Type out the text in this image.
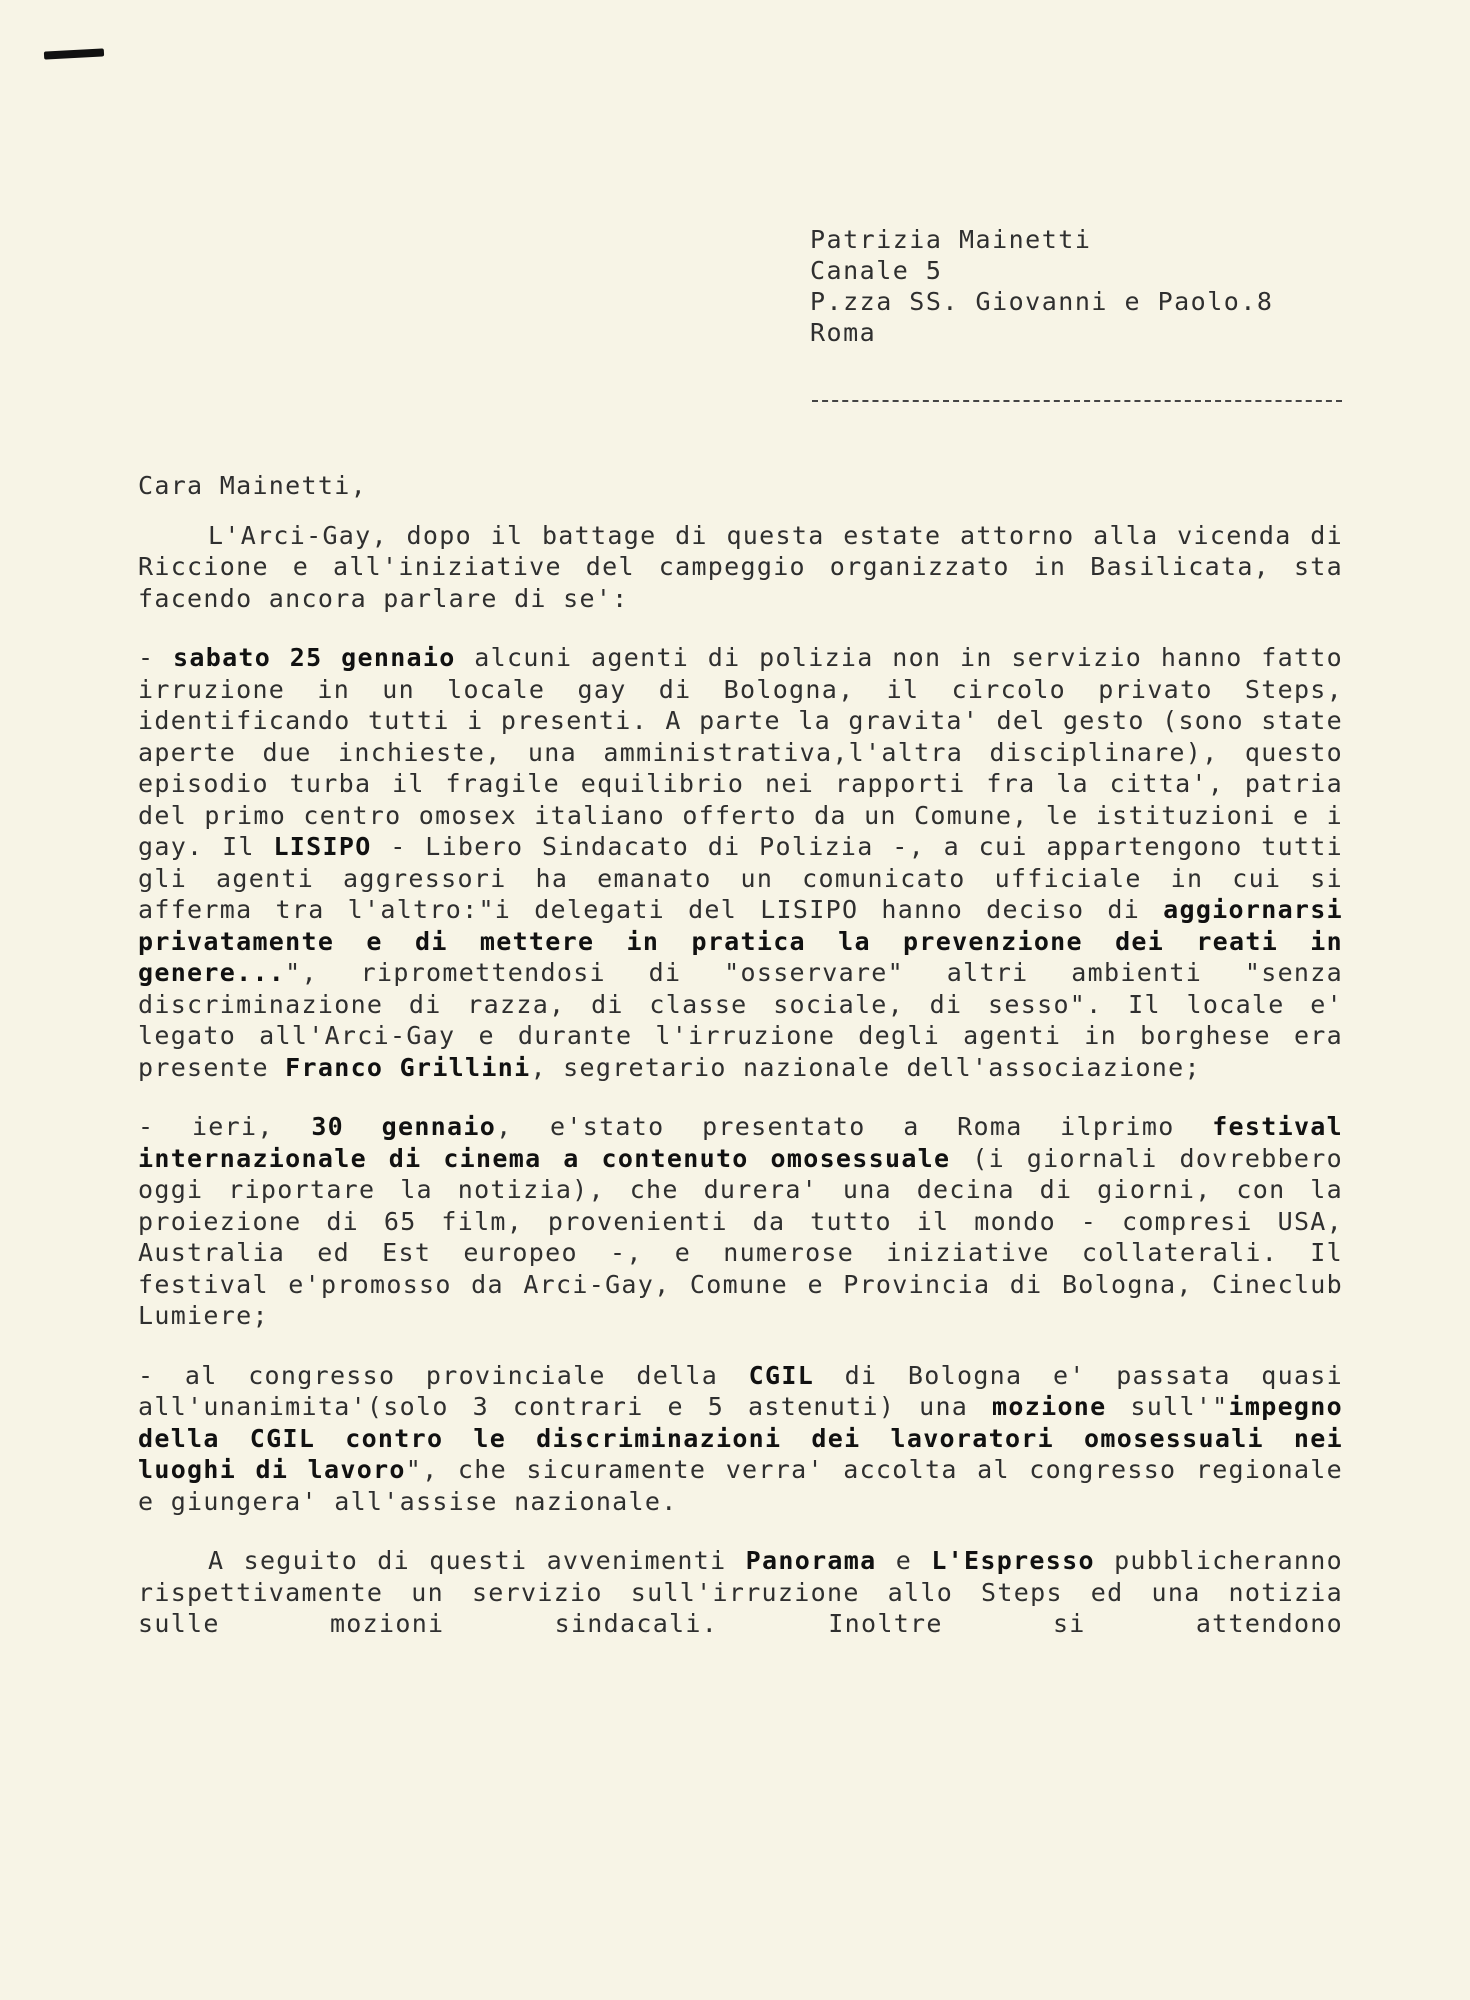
Patrizia Mainetti
Canale 5
P.zza SS. Giovanni e Paolo.8
Roma

Cara Mainetti,

L'Arci-Gay, dopo il battage di questa estate attorno alla vicenda di Riccione e all'iniziative del campeggio organizzato in Basilicata, sta facendo ancora parlare di se':

- sabato 25 gennaio alcuni agenti di polizia non in servizio hanno fatto irruzione in un locale gay di Bologna, il circolo privato Steps, identificando tutti i presenti. A parte la gravita' del gesto (sono state aperte due inchieste, una amministrativa,l'altra disciplinare), questo episodio turba il fragile equilibrio nei rapporti fra la citta', patria del primo centro omosex italiano offerto da un Comune, le istituzioni e i gay. Il LISIPO - Libero Sindacato di Polizia -, a cui appartengono tutti gli agenti aggressori ha emanato un comunicato ufficiale in cui si afferma tra l'altro:"i delegati del LISIPO hanno deciso di aggiornarsi privatamente e di mettere in pratica la prevenzione dei reati in genere...", ripromettendosi di "osservare" altri ambienti "senza discriminazione di razza, di classe sociale, di sesso". Il locale e' legato all'Arci-Gay e durante l'irruzione degli agenti in borghese era presente Franco Grillini, segretario nazionale dell'associazione;

- ieri, 30 gennaio, e'stato presentato a Roma ilprimo festival internazionale di cinema a contenuto omosessuale (i giornali dovrebbero oggi riportare la notizia), che durera' una decina di giorni, con la proiezione di 65 film, provenienti da tutto il mondo - compresi USA, Australia ed Est europeo -, e numerose iniziative collaterali. Il festival e'promosso da Arci-Gay, Comune e Provincia di Bologna, Cineclub Lumiere;

- al congresso provinciale della CGIL di Bologna e' passata quasi all'unanimita'(solo 3 contrari e 5 astenuti) una mozione sull'"impegno della CGIL contro le discriminazioni dei lavoratori omosessuali nei luoghi di lavoro", che sicuramente verra' accolta al congresso regionale e giungera' all'assise nazionale.

A seguito di questi avvenimenti Panorama e L'Espresso pubblicheranno rispettivamente un servizio sull'irruzione allo Steps ed una notizia sulle mozioni sindacali. Inoltre si attendono
